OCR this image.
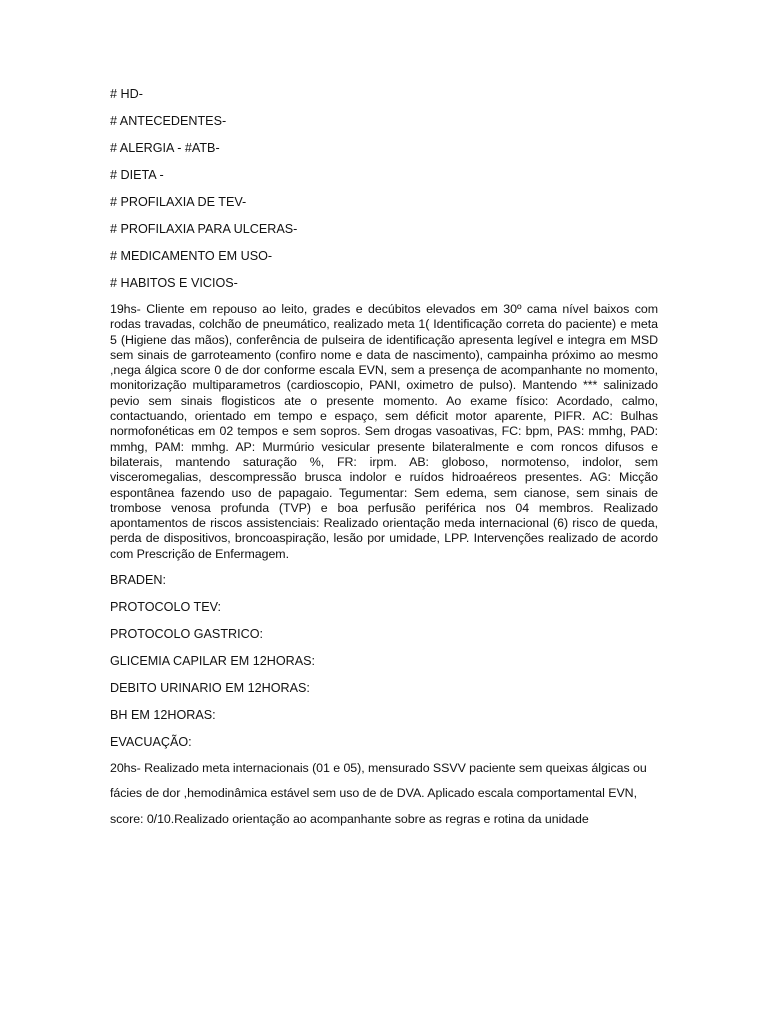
# HD-
# ANTECEDENTES-
# ALERGIA - #ATB-
# DIETA -
# PROFILAXIA DE TEV-
# PROFILAXIA PARA ULCERAS-
# MEDICAMENTO EM USO-
# HABITOS E VICIOS-

19hs- Cliente em repouso ao leito, grades e decúbitos elevados em 30º cama nível baixos com rodas travadas, colchão de pneumático, realizado meta 1( Identificação correta do paciente) e meta 5 (Higiene das mãos), conferência de pulseira de identificação apresenta legível e integra em MSD sem sinais de garroteamento (confiro nome e data de nascimento), campainha próximo ao mesmo ,nega álgica score 0 de dor conforme escala EVN, sem a presença de acompanhante no momento, monitorização multiparametros (cardioscopio, PANI, oximetro de pulso). Mantendo *** salinizado pevio sem sinais flogisticos ate o presente momento. Ao exame físico: Acordado, calmo, contactuando, orientado em tempo e espaço, sem déficit motor aparente, PIFR. AC: Bulhas normofonéticas em 02 tempos e sem sopros. Sem drogas vasoativas, FC: bpm, PAS: mmhg, PAD: mmhg, PAM: mmhg. AP: Murmúrio vesicular presente bilateralmente e com roncos difusos e bilaterais, mantendo saturação %, FR: irpm. AB: globoso, normotenso, indolor, sem visceromegalias, descompressão brusca indolor e ruídos hidroaéreos presentes. AG: Micção espontânea fazendo uso de papagaio. Tegumentar: Sem edema, sem cianose, sem sinais de trombose venosa profunda (TVP) e boa perfusão periférica nos 04 membros. Realizado apontamentos de riscos assistenciais: Realizado orientação meda internacional (6) risco de queda, perda de dispositivos, broncoaspiração, lesão por umidade, LPP. Intervenções realizado de acordo com Prescrição de Enfermagem.

BRADEN:
PROTOCOLO TEV:
PROTOCOLO GASTRICO:
GLICEMIA CAPILAR EM 12HORAS:
DEBITO URINARIO EM 12HORAS:
BH EM 12HORAS:
EVACUAÇÃO:

20hs- Realizado meta internacionais (01 e 05), mensurado SSVV paciente sem queixas álgicas ou

fácies de dor ,hemodinâmica estável sem uso de de DVA. Aplicado escala comportamental EVN,

score: 0/10.Realizado orientação ao acompanhante sobre as regras e rotina da unidade
